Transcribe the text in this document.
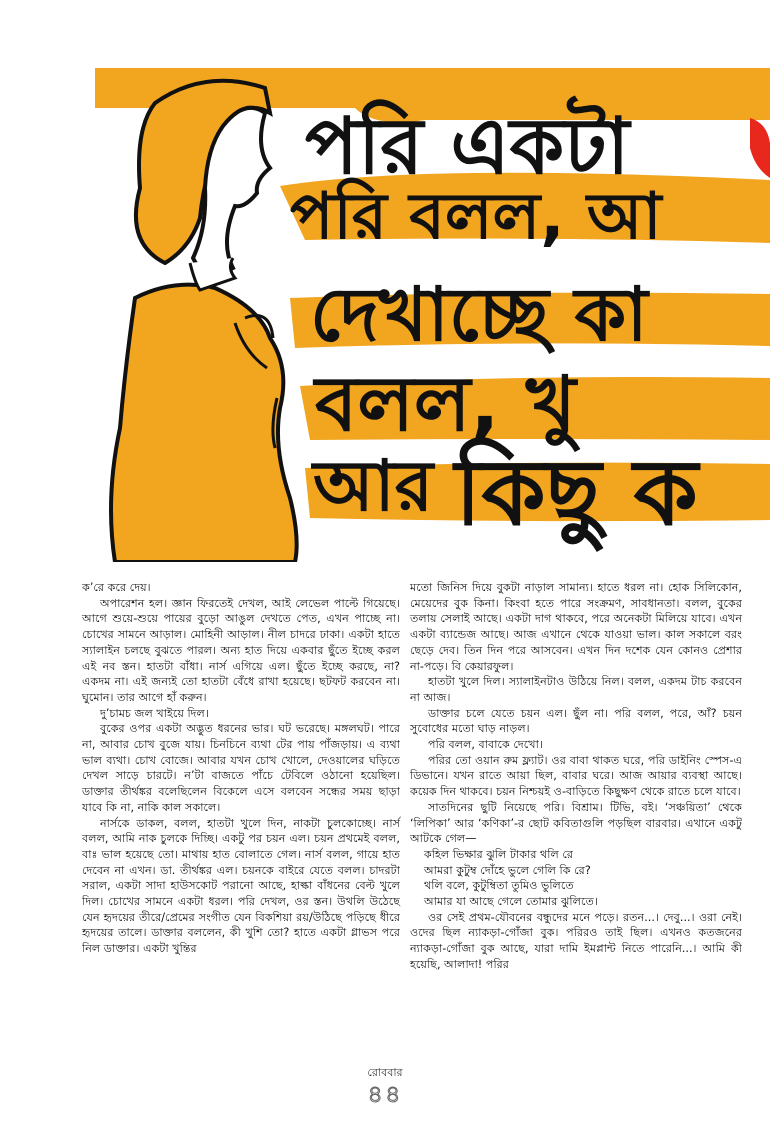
পরি একটা
পরি বলল, আ
দেখাচ্ছে কা
বলল, খু
আর কিছু ক

ক’রে করে দেয়।

অপারেশন হল। জ্ঞান ফিরতেই দেখল, আই লেভেল পাল্টে গিয়েছে। আগে শুয়ে-শুয়ে পায়ের বুড়ো আঙুল দেখতে পেত, এখন পাচ্ছে না। চোখের সামনে আড়াল। মোহিনী আড়াল। নীল চাদরে ঢাকা। একটা হাতে স্যালাইন চলছে বুঝতে পারল। অন্য হাত দিয়ে একবার ছুঁতে ইচ্ছে করল এই নব স্তন। হাতটা বাঁধা। নার্স এগিয়ে এল। ছুঁতে ইচ্ছে করছে, না? একদম না। এই জন্যই তো হাতটা বেঁধে রাখা হয়েছে। ছটফট করবেন না। ঘুমোন। তার আগে হাঁ করুন।

দু’চামচ জল খাইয়ে দিল।

বুকের ওপর একটা অদ্ভুত ধরনের ভার। ঘট ভরেছে। মঙ্গলঘট। পারে না, আবার চোখ বুজে যায়। চিনচিনে ব্যথা টের পায় পাঁজড়ায়। এ ব্যথা ভাল ব্যথা। চোখ বোজে। আবার যখন চোখ খোলে, দেওয়ালের ঘড়িতে দেখল সাড়ে চারটে। ন’টা বাজতে পাঁচে টেবিলে ওঠানো হয়েছিল। ডাক্তার তীর্থঙ্কর বলেছিলেন বিকেলে এসে বলবেন সন্ধের সময় ছাড়া যাবে কি না, নাকি কাল সকালে।

নার্সকে ডাকল, বলল, হাতটা খুলে দিন, নাকটা চুলকোচ্ছে। নার্স বলল, আমি নাক চুলকে দিচ্ছি। একটু পর চয়ন এল। চয়ন প্রথমেই বলল, বাঃ ভাল হয়েছে তো। মাথায় হাত বোলাতে গেল। নার্স বলল, গায়ে হাত দেবেন না এখন। ডা. তীর্থঙ্কর এল। চয়নকে বাইরে যেতে বলল। চাদরটা সরাল, একটা সাদা হাউসকোট পরানো আছে, হাল্কা বাঁধনের বেল্ট খুলে দিল। চোখের সামনে একটা ধরল। পরি দেখল, ওর স্তন। উথলি উঠেছে যেন হৃদয়ের তীরে/প্রেমের সংগীত যেন বিকশিয়া রয়/উঠিছে পড়িছে ধীরে হৃদয়ের তালে। ডাক্তার বললেন, কী খুশি তো? হাতে একটা গ্লাভস পরে নিল ডাক্তার। একটা খুন্তির

মতো জিনিস দিয়ে বুকটা নাড়াল সামান্য। হাতে ধরল না। হোক সিলিকোন, মেয়েদের বুক কিনা। কিংবা হতে পারে সংক্রমণ, সাবধানতা। বলল, বুকের তলায় সেলাই আছে। একটা দাগ থাকবে, পরে অনেকটা মিলিয়ে যাবে। এখন একটা ব্যান্ডেজ আছে। আজ এখানে থেকে যাওয়া ভাল। কাল সকালে বরং ছেড়ে দেব। তিন দিন পরে আসবেন। এখন দিন দশেক যেন কোনও প্রেশার না-পড়ে। বি কেয়ারফুল।

হাতটা খুলে দিল। স্যালাইনটাও উঠিয়ে নিল। বলল, একদম টাচ করবেন না আজ।

ডাক্তার চলে যেতে চয়ন এল। ছুঁল না। পরি বলল, পরে, আঁ? চয়ন সুবোধের মতো ঘাড় নাড়ল।

পরি বলল, বাবাকে দেখো।

পরির তো ওয়ান রুম ফ্ল্যাট। ওর বাবা থাকত ঘরে, পরি ডাইনিং স্পেস-এ ডিভানে। যখন রাতে আয়া ছিল, বাবার ঘরে। আজ আয়ার ব্যবস্থা আছে। কয়েক দিন থাকবে। চয়ন নিশ্চয়ই ও-বাড়িতে কিছুক্ষণ থেকে রাতে চলে যাবে।

সাতদিনের ছুটি নিয়েছে পরি। বিশ্রাম। টিভি, বই। ‘সঞ্চয়িতা’ থেকে ‘লিপিকা’ আর ‘কণিকা’-র ছোট কবিতাগুলি পড়ছিল বারবার। এখানে একটু আটকে গেল—

কহিল ভিক্ষার ঝুলি টাকার থলি রে

আমরা কুটুম্ব দোঁহে ভুলে গেলি কি রে?

থলি বলে, কুটুম্বিতা তুমিও ভুলিতে

আমার যা আছে গেলে তোমার ঝুলিতে।

ওর সেই প্রথম-যৌবনের বন্ধুদের মনে পড়ে। রতন...। দেবু...। ওরা নেই। ওদের ছিল ন্যাকড়া-গোঁজা বুক। পরিরও তাই ছিল। এখনও কতজনের ন্যাকড়া-গোঁজা বুক আছে, যারা দামি ইমপ্লান্ট নিতে পারেনি...। আমি কী হয়েছি, আলাদা! পরির

রোববার
৪৪
